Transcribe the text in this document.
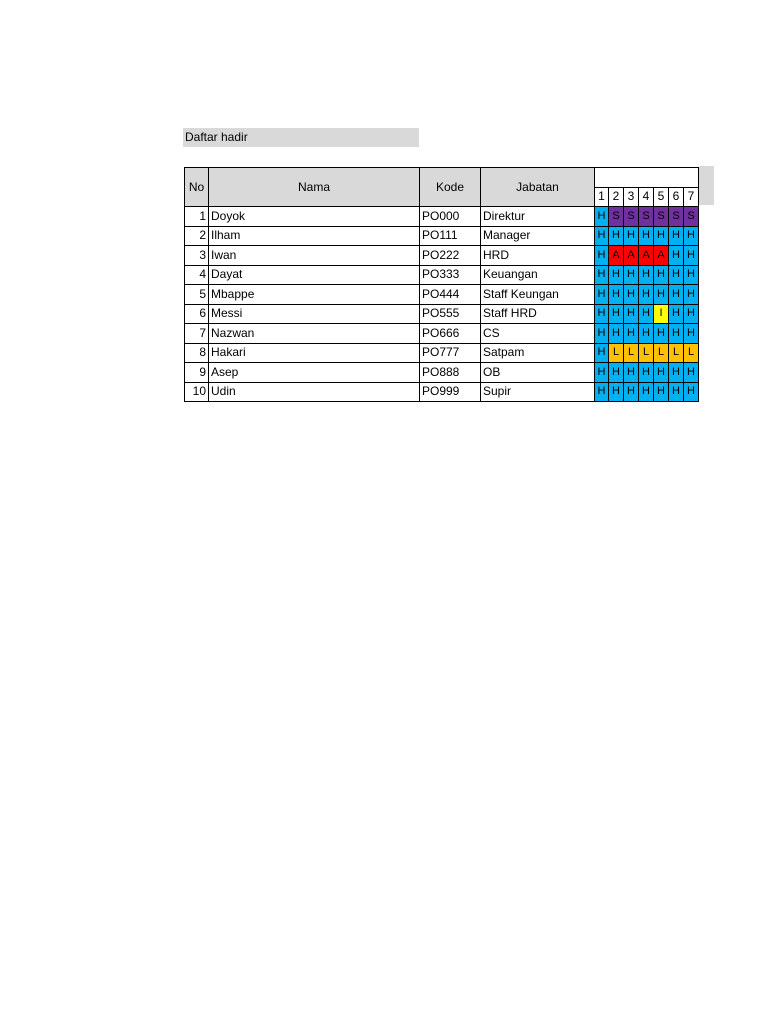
Daftar hadir
No	Nama	Kode	Jabatan							
				1	2	3	4	5	6	7
1	Doyok	PO000	Direktur	H	S	S	S	S	S	S
2	Ilham	PO111	Manager	H	H	H	H	H	H	H
3	Iwan	PO222	HRD	H	A	A	A	A	H	H
4	Dayat	PO333	Keuangan	H	H	H	H	H	H	H
5	Mbappe	PO444	Staff Keungan	H	H	H	H	H	H	H
6	Messi	PO555	Staff HRD	H	H	H	H	I	H	H
7	Nazwan	PO666	CS	H	H	H	H	H	H	H
8	Hakari	PO777	Satpam	H	L	L	L	L	L	L
9	Asep	PO888	OB	H	H	H	H	H	H	H
10	Udin	PO999	Supir	H	H	H	H	H	H	H
